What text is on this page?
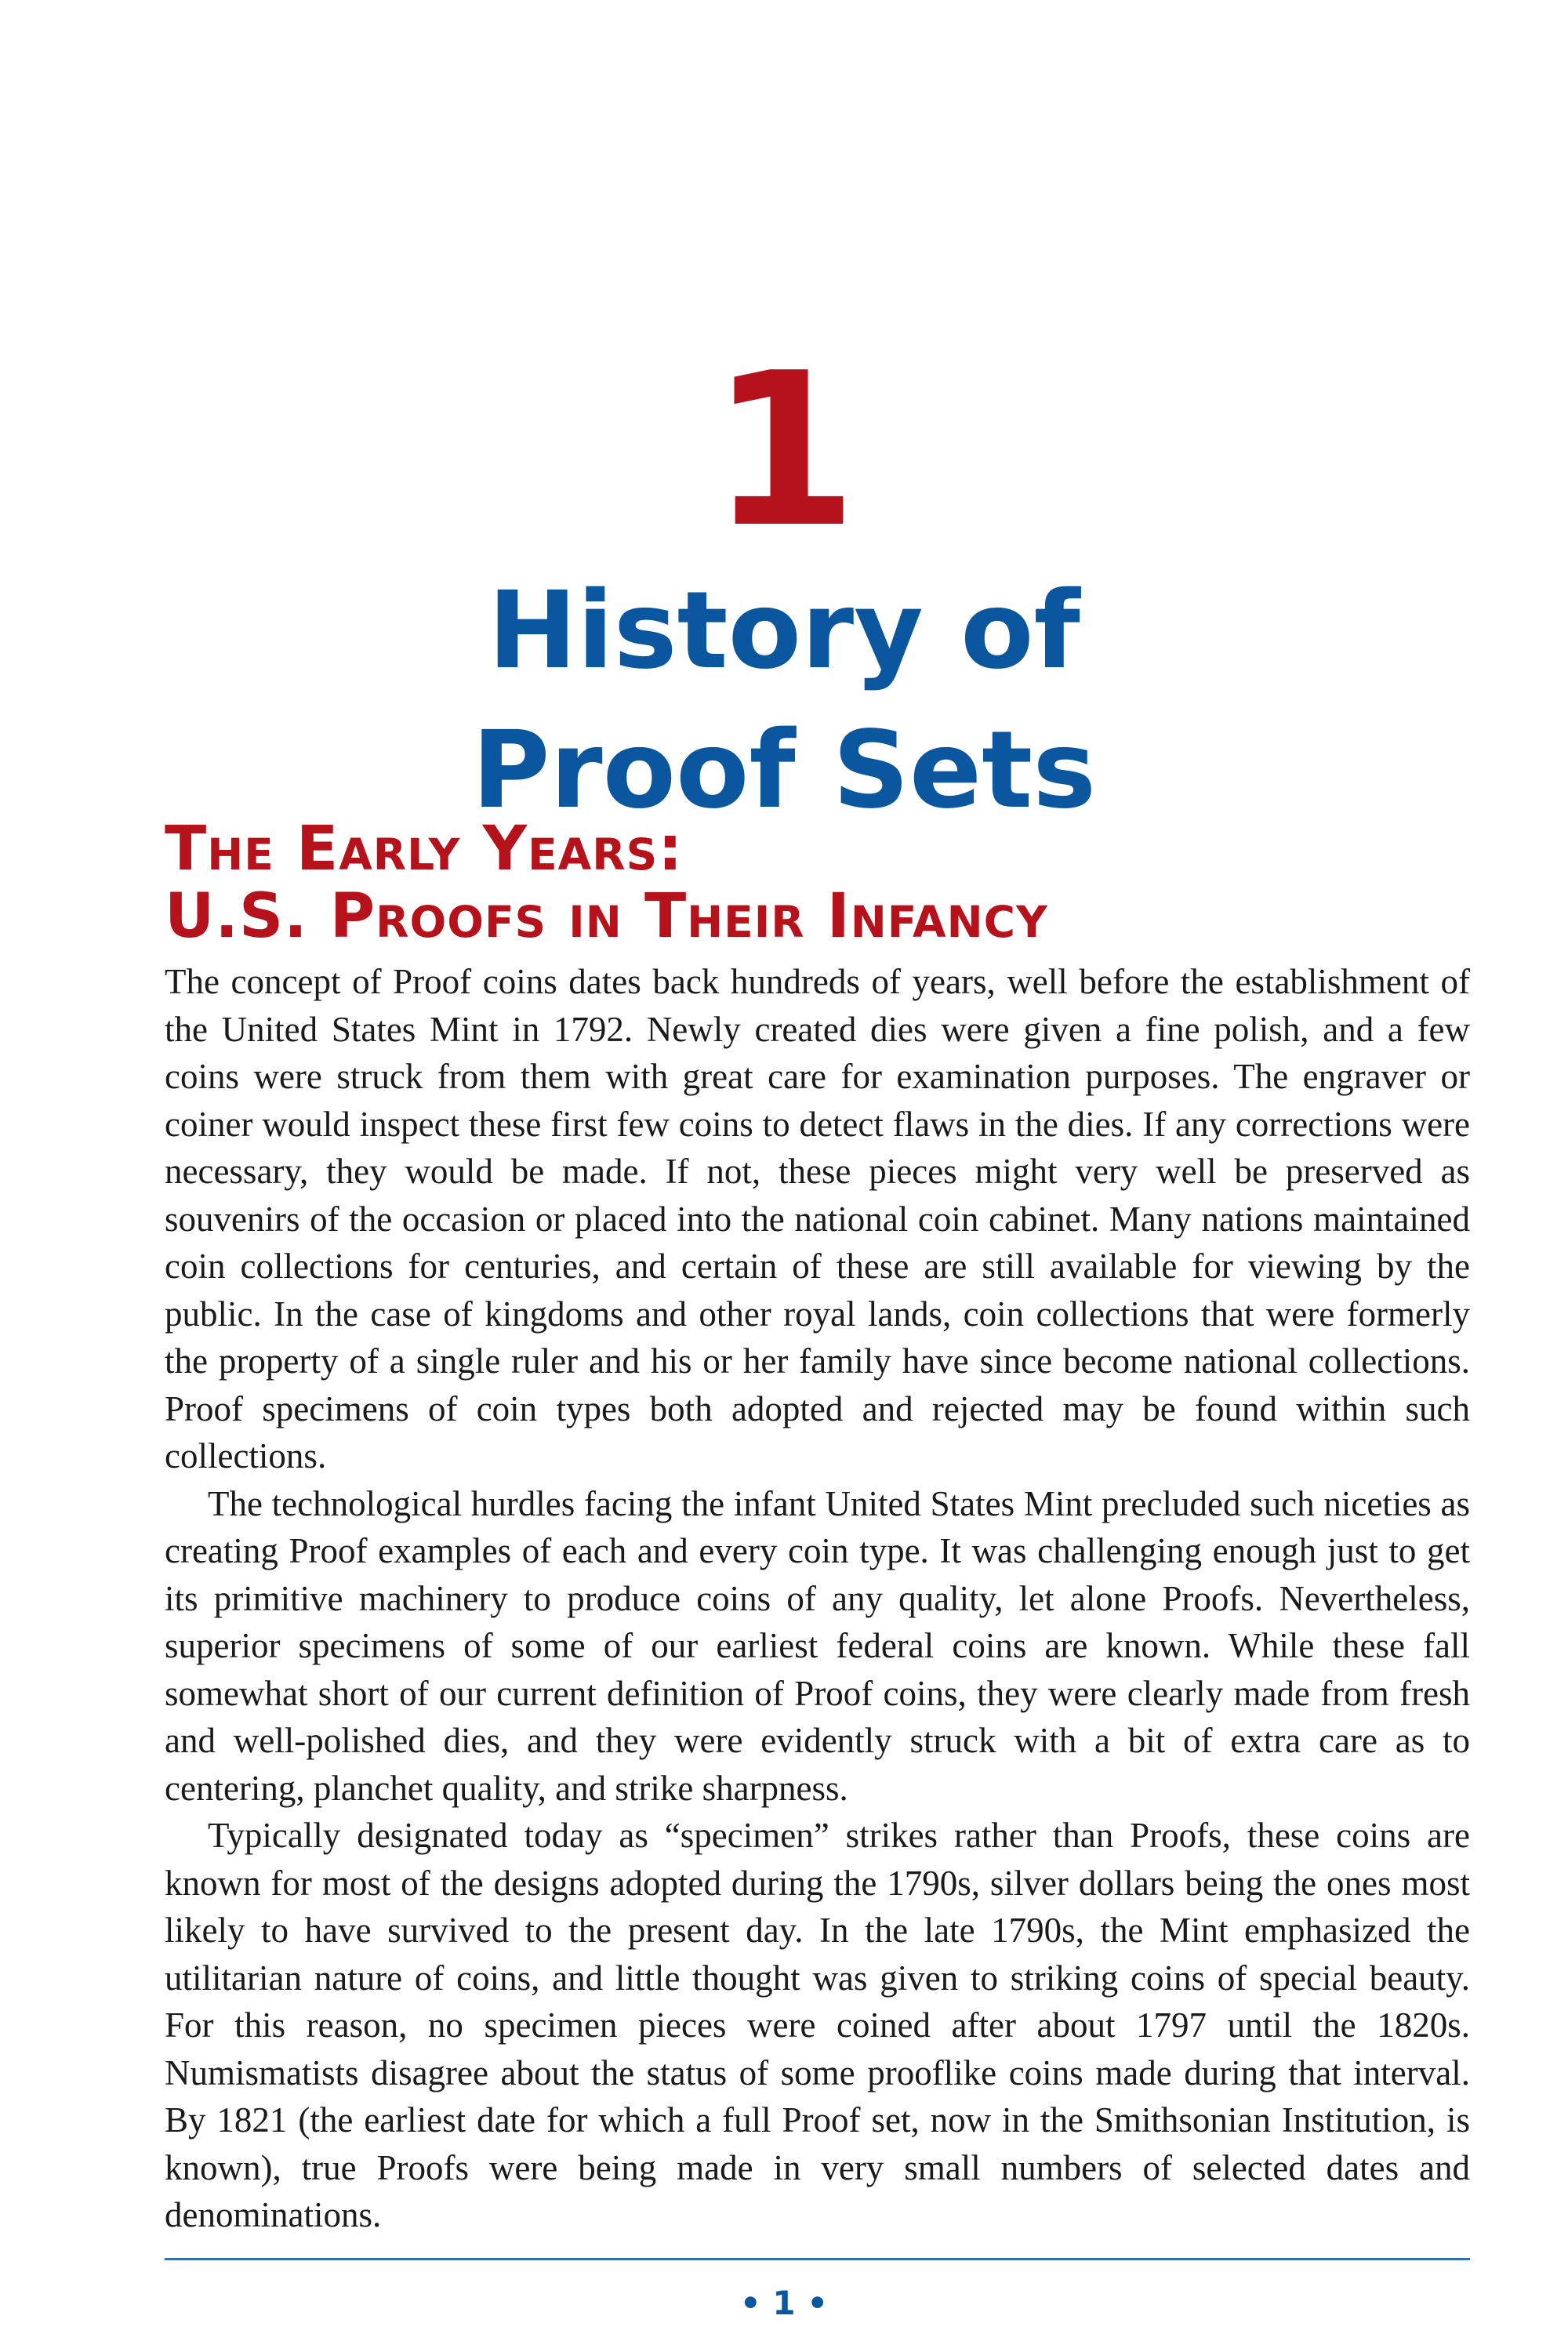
1
History of
Proof Sets
The Early Years:
U.S. Proofs in Their Infancy

The concept of Proof coins dates back hundreds of years, well before the establishment of the United States Mint in 1792. Newly created dies were given a fine polish, and a few coins were struck from them with great care for examination purposes. The engraver or coiner would inspect these first few coins to detect flaws in the dies. If any corrections were necessary, they would be made. If not, these pieces might very well be preserved as souvenirs of the occasion or placed into the national coin cabinet. Many nations maintained coin collections for centuries, and certain of these are still available for viewing by the public. In the case of kingdoms and other royal lands, coin collections that were formerly the property of a single ruler and his or her family have since become national collections. Proof specimens of coin types both adopted and rejected may be found within such collections.

The technological hurdles facing the infant United States Mint precluded such niceties as creating Proof examples of each and every coin type. It was challenging enough just to get its primitive machinery to produce coins of any quality, let alone Proofs. Nevertheless, superior specimens of some of our earliest federal coins are known. While these fall somewhat short of our current definition of Proof coins, they were clearly made from fresh and well-polished dies, and they were evidently struck with a bit of extra care as to centering, planchet quality, and strike sharpness.

Typically designated today as “specimen” strikes rather than Proofs, these coins are known for most of the designs adopted during the 1790s, silver dollars being the ones most likely to have survived to the present day. In the late 1790s, the Mint emphasized the utilitarian nature of coins, and little thought was given to striking coins of special beauty. For this reason, no specimen pieces were coined after about 1797 until the 1820s. Numismatists disagree about the status of some prooflike coins made during that interval. By 1821 (the earliest date for which a full Proof set, now in the Smithsonian Institution, is known), true Proofs were being made in very small numbers of selected dates and denominations.

• 1 •
